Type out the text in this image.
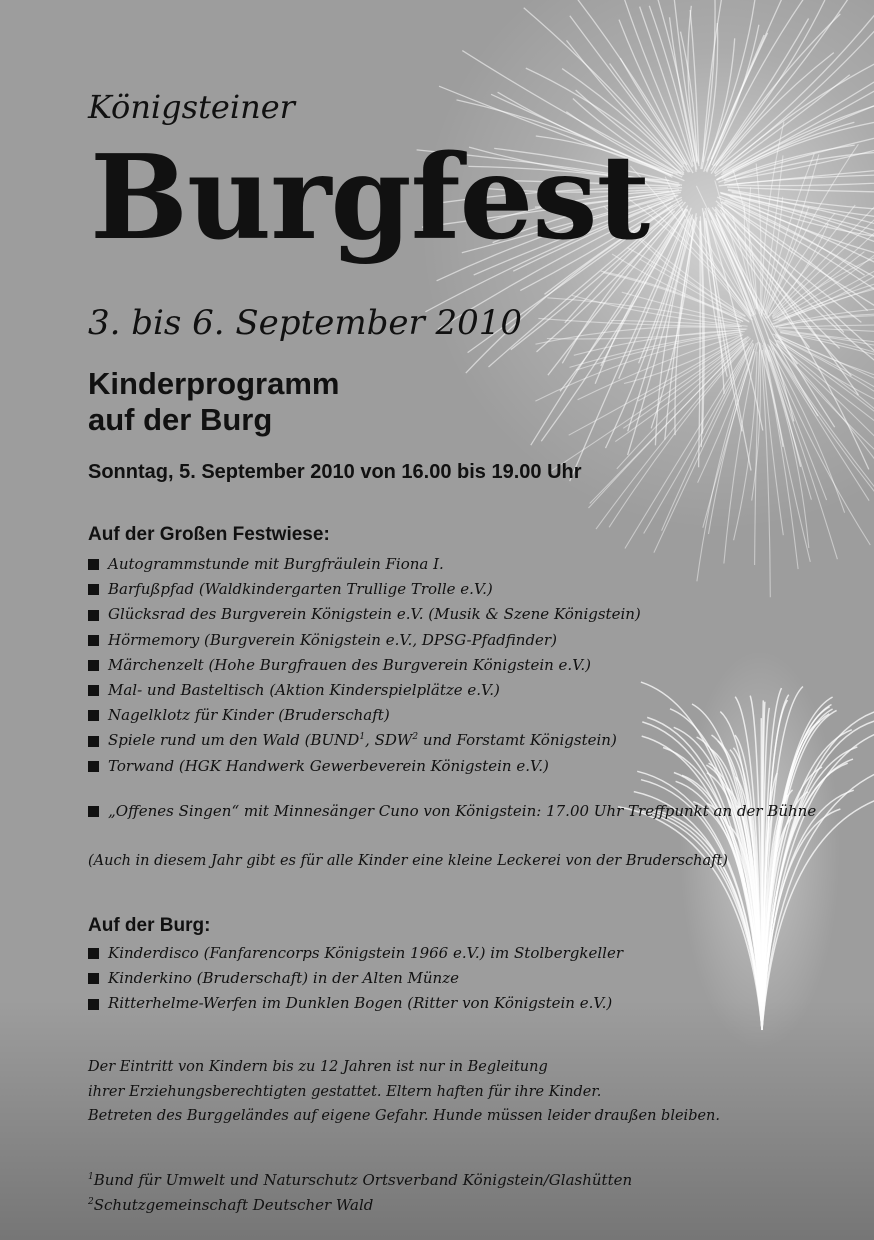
Königsteiner
Burgfest
3. bis 6. September 2010
Kinderprogramm
auf der Burg
Sonntag, 5. September 2010 von 16.00 bis 19.00 Uhr
Auf der Großen Festwiese:
Autogrammstunde mit Burgfräulein Fiona I.
Barfußpfad (Waldkindergarten Trullige Trolle e.V.)
Glücksrad des Burgverein Königstein e.V. (Musik & Szene Königstein)
Hörmemory (Burgverein Königstein e.V., DPSG-Pfadfinder)
Märchenzelt (Hohe Burgfrauen des Burgverein Königstein e.V.)
Mal- und Basteltisch (Aktion Kinderspielplätze e.V.)
Nagelklotz für Kinder (Bruderschaft)
Spiele rund um den Wald (BUND$^1$, SDW$^2$ und Forstamt Königstein)
Torwand (HGK Handwerk Gewerbeverein Königstein e.V.)
„Offenes Singen“ mit Minnesänger Cuno von Königstein: 17.00 Uhr Treffpunkt an der Bühne
(Auch in diesem Jahr gibt es für alle Kinder eine kleine Leckerei von der Bruderschaft)
Auf der Burg:
Kinderdisco (Fanfarencorps Königstein 1966 e.V.) im Stolbergkeller
Kinderkino (Bruderschaft) in der Alten Münze
Ritterhelme-Werfen im Dunklen Bogen (Ritter von Königstein e.V.)
Der Eintritt von Kindern bis zu 12 Jahren ist nur in Begleitung
ihrer Erziehungsberechtigten gestattet. Eltern haften für ihre Kinder.
Betreten des Burggeländes auf eigene Gefahr. Hunde müssen leider draußen bleiben.
$^1$Bund für Umwelt und Naturschutz Ortsverband Königstein/Glashütten
$^2$Schutzgemeinschaft Deutscher Wald
